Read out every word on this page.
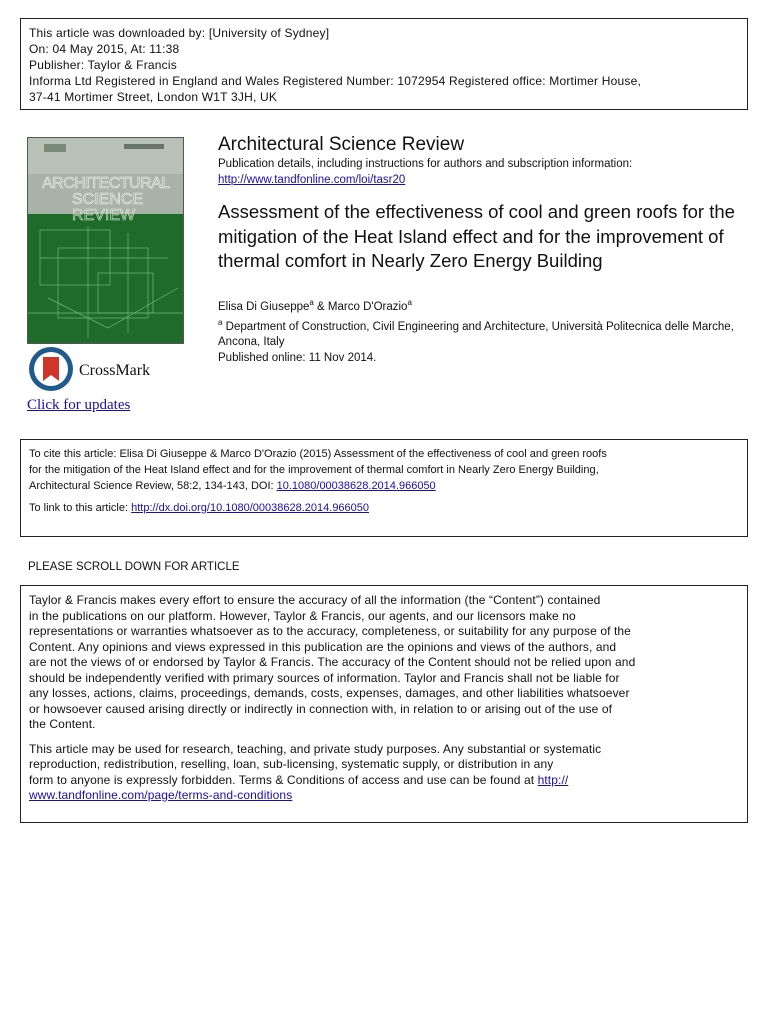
This article was downloaded by: [University of Sydney]
On: 04 May 2015, At: 11:38
Publisher: Taylor & Francis
Informa Ltd Registered in England and Wales Registered Number: 1072954 Registered office: Mortimer House,
37-41 Mortimer Street, London W1T 3JH, UK
ARCHITECTURAL
SCIENCE
REVIEW
CrossMark
Click for updates
Architectural Science Review
Publication details, including instructions for authors and subscription information:
http://www.tandfonline.com/loi/tasr20
Assessment of the effectiveness of cool and green roofs for the mitigation of the Heat Island effect and for the improvement of thermal comfort in Nearly Zero Energy Building
Elisa Di Giuseppe$^a$ & Marco D'Orazio$^a$
$^a$ Department of Construction, Civil Engineering and Architecture, Università Politecnica delle Marche, Ancona, Italy
Published online: 11 Nov 2014.
To cite this article: Elisa Di Giuseppe & Marco D'Orazio (2015) Assessment of the effectiveness of cool and green roofs
for the mitigation of the Heat Island effect and for the improvement of thermal comfort in Nearly Zero Energy Building,
Architectural Science Review, 58:2, 134-143, DOI: 10.1080/00038628.2014.966050
To link to this article: http://dx.doi.org/10.1080/00038628.2014.966050
PLEASE SCROLL DOWN FOR ARTICLE
Taylor & Francis makes every effort to ensure the accuracy of all the information (the “Content”) contained
in the publications on our platform. However, Taylor & Francis, our agents, and our licensors make no
representations or warranties whatsoever as to the accuracy, completeness, or suitability for any purpose of the
Content. Any opinions and views expressed in this publication are the opinions and views of the authors, and
are not the views of or endorsed by Taylor & Francis. The accuracy of the Content should not be relied upon and
should be independently verified with primary sources of information. Taylor and Francis shall not be liable for
any losses, actions, claims, proceedings, demands, costs, expenses, damages, and other liabilities whatsoever
or howsoever caused arising directly or indirectly in connection with, in relation to or arising out of the use of
the Content.
This article may be used for research, teaching, and private study purposes. Any substantial or systematic
reproduction, redistribution, reselling, loan, sub-licensing, systematic supply, or distribution in any
form to anyone is expressly forbidden. Terms & Conditions of access and use can be found at http://
www.tandfonline.com/page/terms-and-conditions
